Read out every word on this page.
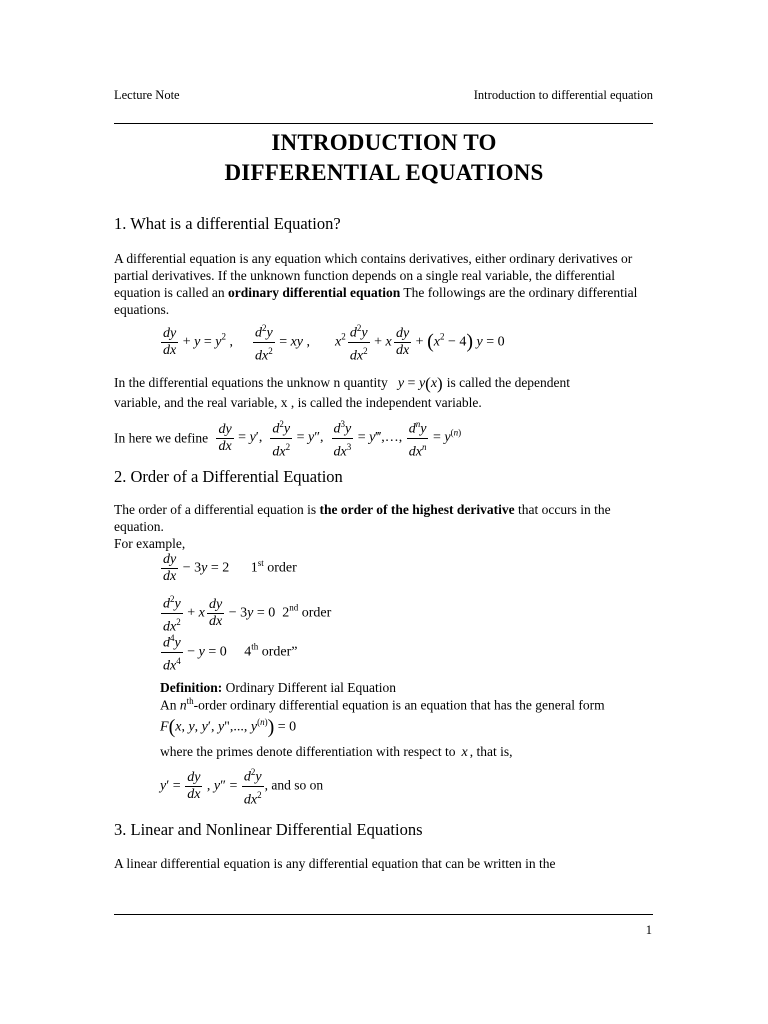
Lecture Note	Introduction to differential equation
INTRODUCTION TO
DIFFERENTIAL EQUATIONS
1. What is a differential Equation?
A differential equation is any equation which contains derivatives, either ordinary derivatives or partial derivatives. If the unknown function depends on a single real variable, the differential equation is called an ordinary differential equation The followings are the ordinary differential equations.
$\frac{dy}{dx} + y = y^2$ , $\frac{d^2y}{dx^2}$ = xy ,  $x^2$  $\frac{d^2y}{dx^2} + x$  $\frac{dy}{dx} + (x^2 - 4) y = 0$
In the differential equations the unknow n quantity y = y(x) is called the dependent
variable, and the real variable, x , is called the independent variable.
In here we define $\frac{dy}{dx} = y'$, $\frac{d^2y}{dx^2} = y''$, $\frac{d^3y}{dx^3}$ = y‴,…, $\frac{d^ny}{dx^n} = y^{(n)}$
2. Order of a Differential Equation
The order of a differential equation is the order of the highest derivative that occurs in the equation.
For example,
$\frac{dy}{dx} - 3y = 2$ 1st order
$\frac{d^2y}{dx^2} + x$  $\frac{dy}{dx} - 3y = 0$  2nd order
$\frac{d^4y}{dx^4} - y = 0$ 4th order”
Definition: Ordinary Different ial Equation
An $n^{th}$-order ordinary differential equation is an equation that has the general form
F(x, y, y′, y",..., $y^{(n)}) = 0$
where the primes denote differentiation with respect to x , that is,
$y' = \frac{dy}{dx}$ , $y'' = \frac{d^2y}{dx^2}$ , and so on
3. Linear and Nonlinear Differential Equations
A linear differential equation is any differential equation that can be written in the
1
